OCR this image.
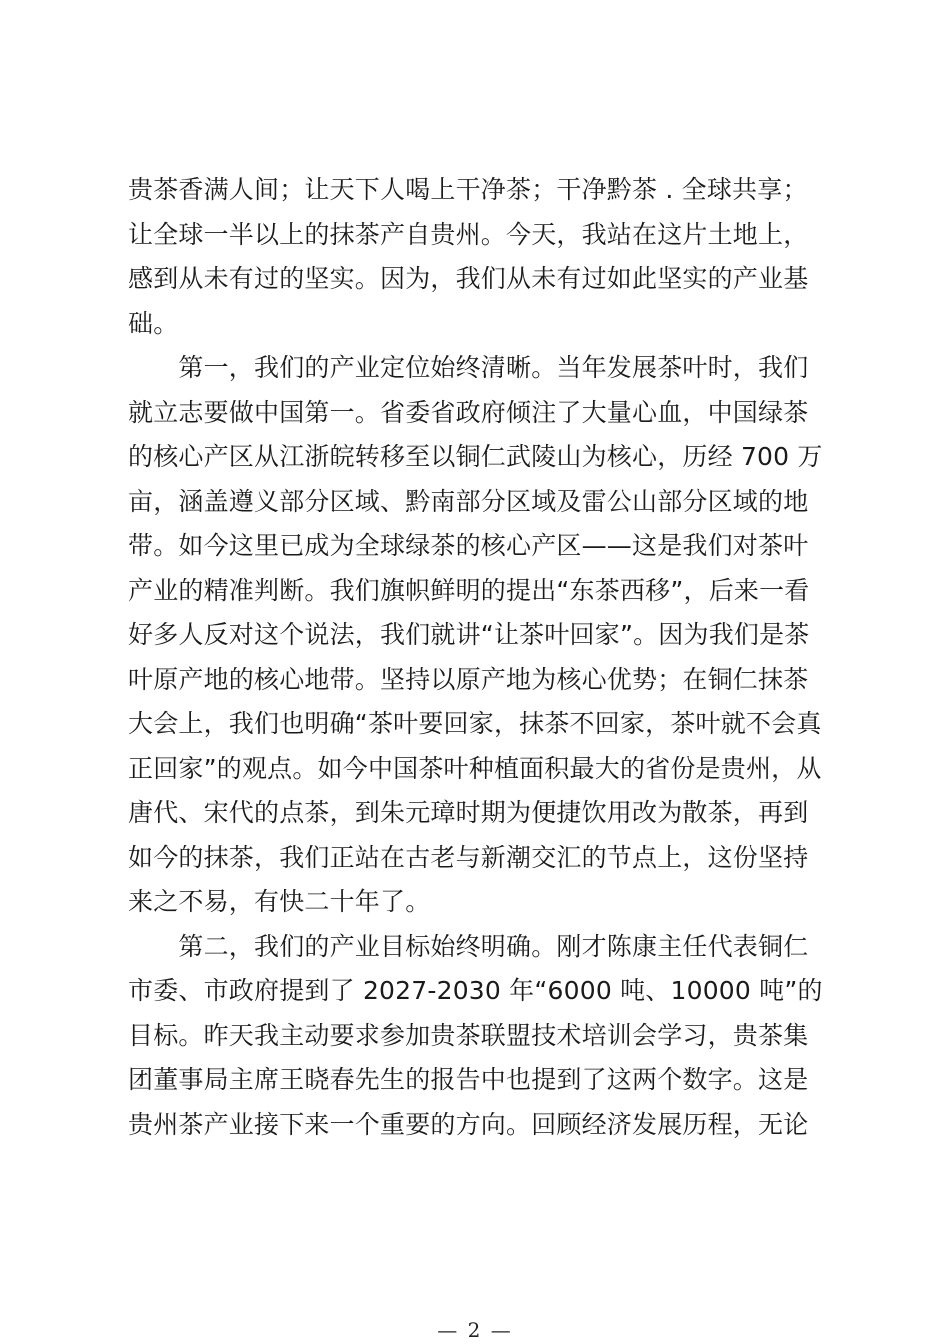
贵茶香满人间；让天下人喝上干净茶；干净黔茶 . 全球共享；
让全球一半以上的抹茶产自贵州。今天，我站在这片土地上，
感到从未有过的坚实。因为，我们从未有过如此坚实的产业基
础。
　　第一，我们的产业定位始终清晰。当年发展茶叶时，我们
就立志要做中国第一。省委省政府倾注了大量心血，中国绿茶
的核心产区从江浙皖转移至以铜仁武陵山为核心，历经 700 万
亩，涵盖遵义部分区域、黔南部分区域及雷公山部分区域的地
带。如今这里已成为全球绿茶的核心产区——这是我们对茶叶
产业的精准判断。我们旗帜鲜明的提出“东茶西移”，后来一看
好多人反对这个说法，我们就讲“让茶叶回家”。因为我们是茶
叶原产地的核心地带。坚持以原产地为核心优势；在铜仁抹茶
大会上，我们也明确“茶叶要回家，抹茶不回家，茶叶就不会真
正回家”的观点。如今中国茶叶种植面积最大的省份是贵州，从
唐代、宋代的点茶，到朱元璋时期为便捷饮用改为散茶，再到
如今的抹茶，我们正站在古老与新潮交汇的节点上，这份坚持
来之不易，有快二十年了。
　　第二，我们的产业目标始终明确。刚才陈康主任代表铜仁
市委、市政府提到了 2027-2030 年“6000 吨、10000 吨”的
目标。昨天我主动要求参加贵茶联盟技术培训会学习，贵茶集
团董事局主席王晓春先生的报告中也提到了这两个数字。这是
贵州茶产业接下来一个重要的方向。回顾经济发展历程，无论
— 2 —
